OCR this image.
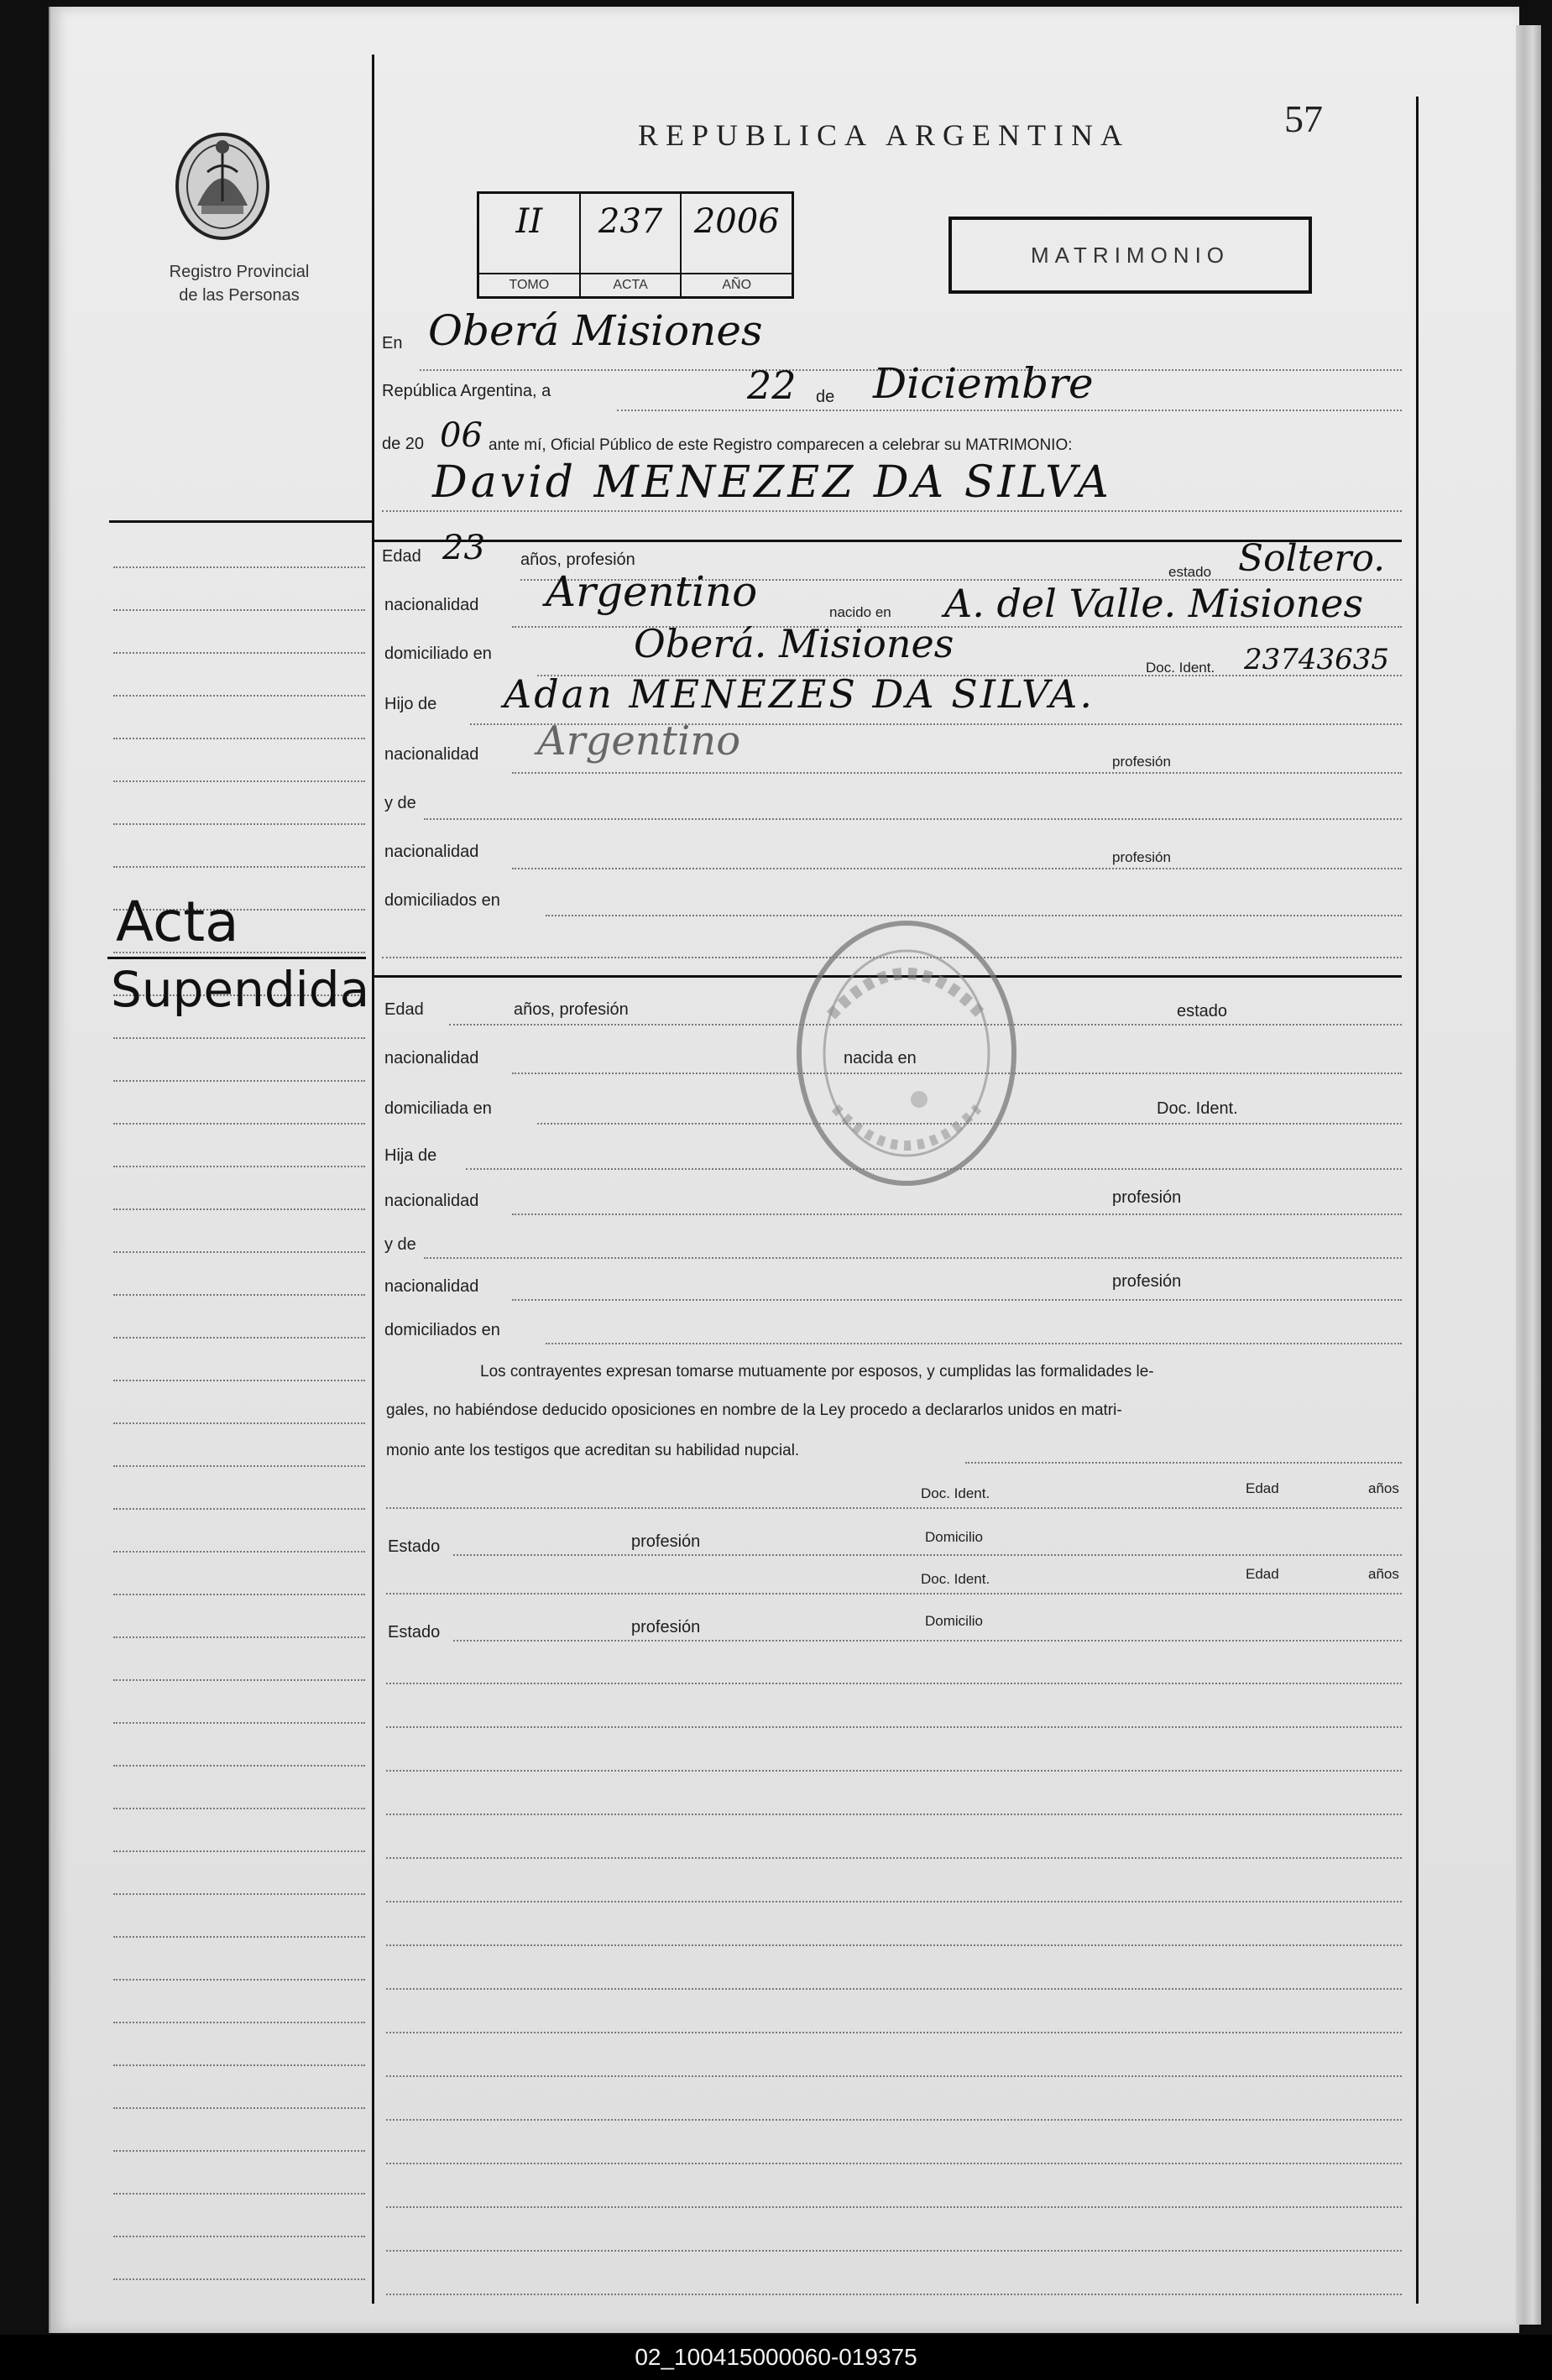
Registro Provincial
de las Personas
REPUBLICA ARGENTINA	57
II
TOMO
237
ACTA
2006
AÑO
MATRIMONIO
En Oberá Misiones
República Argentina, a	22 de Diciembre
de 20 06 ante mí, Oficial Público de este Registro comparecen a celebrar su MATRIMONIO:
David MENEZEZ DA SILVA
Edad 23 años, profesión
estado Soltero.
nacionalidad Argentino	nacido en A. del Valle. Misiones
domiciliado en	Oberá. Misiones
Doc. Ident. 23743635
Hijo de Adan MENEZES DA SILVA.
nacionalidad Argentino	profesión
y de
nacionalidad	profesión
domiciliados en
Acta
Supendida Edad	años, profesión	estado
nacionalidad	nacida en
domiciliada en	Doc. Ident.
Hija de
nacionalidad	profesión
y de
nacionalidad	profesión
domiciliados en
Los contrayentes expresan tomarse mutuamente por esposos, y cumplidas las formalidades le-
gales, no habiéndose deducido oposiciones en nombre de la Ley procedo a declararlos unidos en matri-
monio ante los testigos que acreditan su habilidad nupcial.
Doc. Ident.	Edad	años
Estado	profesión	Domicilio
Doc. Ident.	Edad	años
Estado	profesión	Domicilio
02_100415000060-019375
